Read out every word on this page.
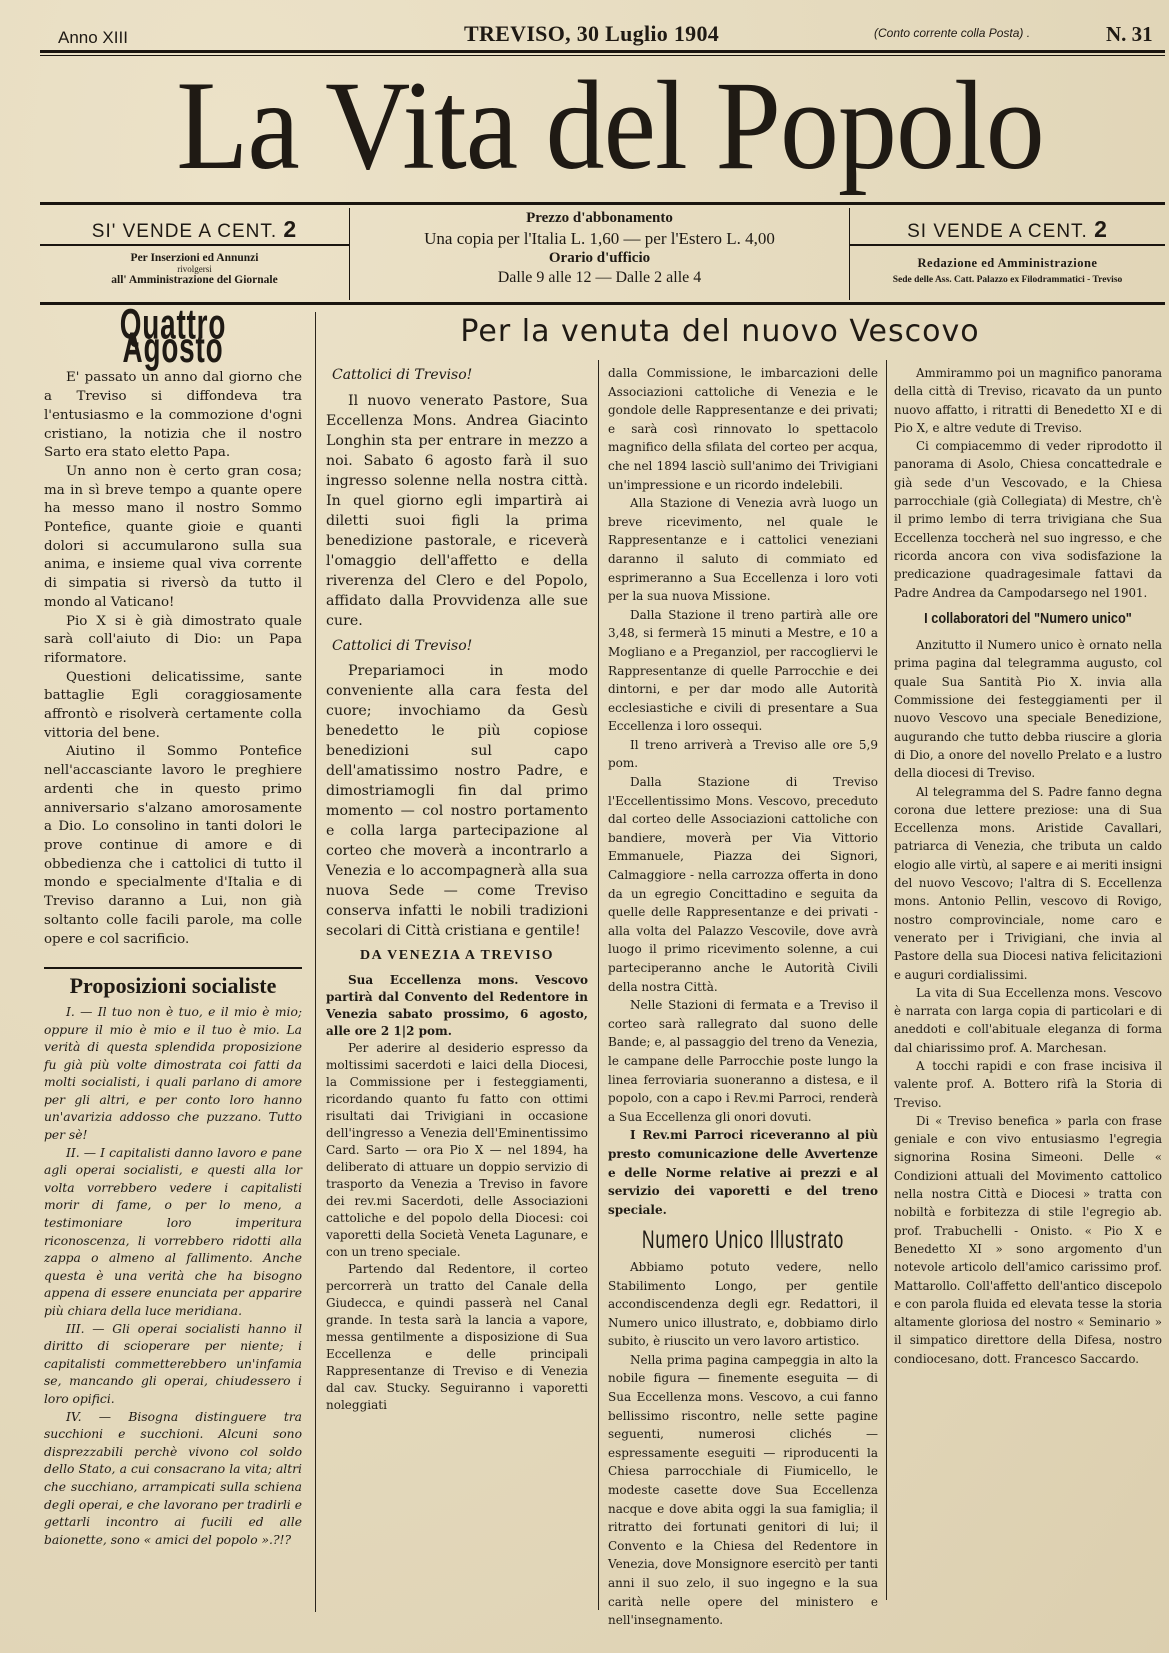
Anno XIII	TREVISO, 30 Luglio 1904	(Conto corrente colla Posta) .	N. 31
La Vita del Popolo
SI' VENDE A CENT. 2
Per Inserzioni ed Annunzi
rivolgersi
all' Amministrazione del Giornale
Prezzo d'abbonamento
Una copia per l'Italia L. 1,60 — per l'Estero L. 4,00
Orario d'ufficio
Dalle 9 alle 12 — Dalle 2 alle 4
SI VENDE A CENT. 2
Redazione ed Amministrazione
Sede delle Ass. Catt. Palazzo ex Filodrammatici - Treviso
Quattro Agosto

E' passato un anno dal giorno che a Treviso si diffondeva tra l'entusiasmo e la commozione d'ogni cristiano, la notizia che il nostro Sarto era stato eletto Papa.

Un anno non è certo gran cosa; ma in sì breve tempo a quante opere ha messo mano il nostro Sommo Pontefice, quante gioie e quanti dolori si accumularono sulla sua anima, e insieme qual viva corrente di simpatia si riversò da tutto il mondo al Vaticano!

Pio X si è già dimostrato quale sarà coll'aiuto di Dio: un Papa riformatore.

Questioni delicatissime, sante battaglie Egli coraggiosamente affrontò e risolverà certamente colla vittoria del bene.

Aiutino il Sommo Pontefice nell'accasciante lavoro le preghiere ardenti che in questo primo anniversario s'alzano amorosamente a Dio. Lo consolino in tanti dolori le prove continue di amore e di obbedienza che i cattolici di tutto il mondo e specialmente d'Italia e di Treviso daranno a Lui, non già soltanto colle facili parole, ma colle opere e col sacrificio.

Proposizioni socialiste

I. — Il tuo non è tuo, e il mio è mio; oppure il mio è mio e il tuo è mio. La verità di questa splendida proposizione fu già più volte dimostrata coi fatti da molti socialisti, i quali parlano di amore per gli altri, e per conto loro hanno un'avarizia addosso che puzzano. Tutto per sè!

II. — I capitalisti danno lavoro e pane agli operai socialisti, e questi alla lor volta vorrebbero vedere i capitalisti morir di fame, o per lo meno, a testimoniare loro imperitura riconoscenza, li vorrebbero ridotti alla zappa o almeno al fallimento. Anche questa è una verità che ha bisogno appena di essere enunciata per apparire più chiara della luce meridiana.

III. — Gli operai socialisti hanno il diritto di scioperare per niente; i capitalisti commetterebbero un'infamia se, mancando gli operai, chiudessero i loro opifici.

IV. — Bisogna distinguere tra succhioni e succhioni. Alcuni sono disprezzabili perchè vivono col soldo dello Stato, a cui consacrano la vita; altri che succhiano, arrampicati sulla schiena degli operai, e che lavorano per tradirli e gettarli incontro ai fucili ed alle baionette, sono « amici del popolo ».?!?

Per la venuta del nuovo Vescovo

Cattolici di Treviso!

Il nuovo venerato Pastore, Sua Eccellenza Mons. Andrea Giacinto Longhin sta per entrare in mezzo a noi. Sabato 6 agosto farà il suo ingresso solenne nella nostra città. In quel giorno egli impartirà ai diletti suoi figli la prima benedizione pastorale, e riceverà l'omaggio dell'affetto e della riverenza del Clero e del Popolo, affidato dalla Provvidenza alle sue cure.

Cattolici di Treviso!

Prepariamoci in modo conveniente alla cara festa del cuore; invochiamo da Gesù benedetto le più copiose benedizioni sul capo dell'amatissimo nostro Padre, e dimostriamogli fin dal primo momento — col nostro portamento e colla larga partecipazione al corteo che moverà a incontrarlo a Venezia e lo accompagnerà alla sua nuova Sede — come Treviso conserva infatti le nobili tradizioni secolari di Città cristiana e gentile!

DA VENEZIA A TREVISO

Sua Eccellenza mons. Vescovo partirà dal Convento del Redentore in Venezia sabato prossimo, 6 agosto, alle ore 2 1|2 pom.

Per aderire al desiderio espresso da moltissimi sacerdoti e laici della Diocesi, la Commissione per i festeggiamenti, ricordando quanto fu fatto con ottimi risultati dai Trivigiani in occasione dell'ingresso a Venezia dell'Eminentissimo Card. Sarto — ora Pio X — nel 1894, ha deliberato di attuare un doppio servizio di trasporto da Venezia a Treviso in favore dei rev.mi Sacerdoti, delle Associazioni cattoliche e del popolo della Diocesi: coi vaporetti della Società Veneta Lagunare, e con un treno speciale.

Partendo dal Redentore, il corteo percorrerà un tratto del Canale della Giudecca, e quindi passerà nel Canal grande. In testa sarà la lancia a vapore, messa gentilmente a disposizione di Sua Eccellenza e delle principali Rappresentanze di Treviso e di Venezia dal cav. Stucky. Seguiranno i vaporetti noleggiati

dalla Commissione, le imbarcazioni delle Associazioni cattoliche di Venezia e le gondole delle Rappresentanze e dei privati; e sarà così rinnovato lo spettacolo magnifico della sfilata del corteo per acqua, che nel 1894 lasciò sull'animo dei Trivigiani un'impressione e un ricordo indelebili.

Alla Stazione di Venezia avrà luogo un breve ricevimento, nel quale le Rappresentanze e i cattolici veneziani daranno il saluto di commiato ed esprimeranno a Sua Eccellenza i loro voti per la sua nuova Missione.

Dalla Stazione il treno partirà alle ore 3,48, si fermerà 15 minuti a Mestre, e 10 a Mogliano e a Preganziol, per raccogliervi le Rappresentanze di quelle Parrocchie e dei dintorni, e per dar modo alle Autorità ecclesiastiche e civili di presentare a Sua Eccellenza i loro ossequi.

Il treno arriverà a Treviso alle ore 5,9 pom.

Dalla Stazione di Treviso l'Eccellentissimo Mons. Vescovo, preceduto dal corteo delle Associazioni cattoliche con bandiere, moverà per Via Vittorio Emmanuele, Piazza dei Signori, Calmaggiore - nella carrozza offerta in dono da un egregio Concittadino e seguita da quelle delle Rappresentanze e dei privati - alla volta del Palazzo Vescovile, dove avrà luogo il primo ricevimento solenne, a cui parteciperanno anche le Autorità Civili della nostra Città.

Nelle Stazioni di fermata e a Treviso il corteo sarà rallegrato dal suono delle Bande; e, al passaggio del treno da Venezia, le campane delle Parrocchie poste lungo la linea ferroviaria suoneranno a distesa, e il popolo, con a capo i Rev.mi Parroci, renderà a Sua Eccellenza gli onori dovuti.

I Rev.mi Parroci riceveranno al più presto comunicazione delle Avvertenze e delle Norme relative ai prezzi e al servizio dei vaporetti e del treno speciale.

Numero Unico Illustrato

Abbiamo potuto vedere, nello Stabilimento Longo, per gentile accondiscendenza degli egr. Redattori, il Numero unico illustrato, e, dobbiamo dirlo subito, è riuscito un vero lavoro artistico.

Nella prima pagina campeggia in alto la nobile figura — finemente eseguita — di Sua Eccellenza mons. Vescovo, a cui fanno bellissimo riscontro, nelle sette pagine seguenti, numerosi clichés — espressamente eseguiti — riproducenti la Chiesa parrocchiale di Fiumicello, le modeste casette dove Sua Eccellenza nacque e dove abita oggi la sua famiglia; il ritratto dei fortunati genitori di lui; il Convento e la Chiesa del Redentore in Venezia, dove Monsignore esercitò per tanti anni il suo zelo, il suo ingegno e la sua carità nelle opere del ministero e nell'insegnamento.

Ammirammo poi un magnifico panorama della città di Treviso, ricavato da un punto nuovo affatto, i ritratti di Benedetto XI e di Pio X, e altre vedute di Treviso.

Ci compiacemmo di veder riprodotto il panorama di Asolo, Chiesa concattedrale e già sede d'un Vescovado, e la Chiesa parrocchiale (già Collegiata) di Mestre, ch'è il primo lembo di terra trivigiana che Sua Eccellenza toccherà nel suo ingresso, e che ricorda ancora con viva sodisfazione la predicazione quadragesimale fattavi da Padre Andrea da Campodarsego nel 1901.

I collaboratori del "Numero unico"

Anzitutto il Numero unico è ornato nella prima pagina dal telegramma augusto, col quale Sua Santità Pio X. invia alla Commissione dei festeggiamenti per il nuovo Vescovo una speciale Benedizione, augurando che tutto debba riuscire a gloria di Dio, a onore del novello Prelato e a lustro della diocesi di Treviso.

Al telegramma del S. Padre fanno degna corona due lettere preziose: una di Sua Eccellenza mons. Aristide Cavallari, patriarca di Venezia, che tributa un caldo elogio alle virtù, al sapere e ai meriti insigni del nuovo Vescovo; l'altra di S. Eccellenza mons. Antonio Pellin, vescovo di Rovigo, nostro comprovinciale, nome caro e venerato per i Trivigiani, che invia al Pastore della sua Diocesi nativa felicitazioni e auguri cordialissimi.

La vita di Sua Eccellenza mons. Vescovo è narrata con larga copia di particolari e di aneddoti e coll'abituale eleganza di forma dal chiarissimo prof. A. Marchesan.

A tocchi rapidi e con frase incisiva il valente prof. A. Bottero rifà la Storia di Treviso.

Di « Treviso benefica » parla con frase geniale e con vivo entusiasmo l'egregia signorina Rosina Simeoni. Delle « Condizioni attuali del Movimento cattolico nella nostra Città e Diocesi » tratta con nobiltà e forbitezza di stile l'egregio ab. prof. Trabuchelli - Onisto. « Pio X e Benedetto XI » sono argomento d'un notevole articolo dell'amico carissimo prof. Mattarollo. Coll'affetto dell'antico discepolo e con parola fluida ed elevata tesse la storia altamente gloriosa del nostro « Seminario » il simpatico direttore della Difesa, nostro condiocesano, dott. Francesco Saccardo.
